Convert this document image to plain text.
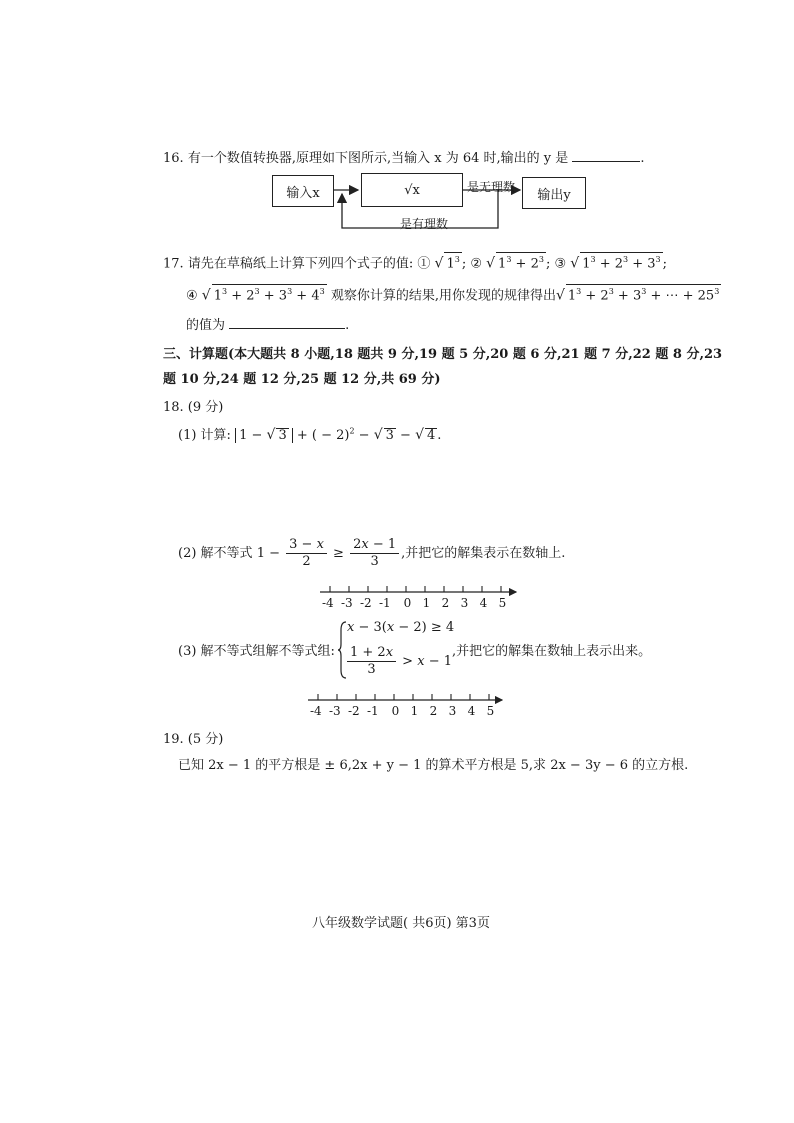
16. 有一个数值转换器,原理如下图所示,当输入 x 为 64 时,输出的 y 是	.
输入x	√x	是无理数
输出y
是有理数
17. 请先在草稿纸上计算下列四个式子的值: ① √ $1^3$ ; ② √ $1^3 + 2^3$ ; ③ √ $1^3 + 2^3 + 3^3$ ;
④ √ $1^3 + 2^3 + 3^3 + 4^3$ 观察你计算的结果,用你发现的规律得出√ $1^3 + 2^3 + 3^3$ + ⋯ + $25^3$
的值为	.
三、计算题(本大题共 8 小题,18 题共 9 分,19 题 5 分,20 题 6 分,21 题 7 分,22 题 8 分,23
题 10 分,24 题 12 分,25 题 12 分,共 69 分)
18. (9 分)
(1) 计算: 1 − √ 3 + ( − 2)$^2$ − √ 3 − √ 4 .
(2) 解不等式 $1 - \frac{3 - x}{2} \ge \frac{2x - 1}{3}$ ,并把它的解集表示在数轴上.
-4 -3 -2 -1 0 1 2 3 4 5
(3) 解不等式组解不等式组:
x − 3(x − 2) ≥ 4
$\frac{1 + 2x}{3} > x - 1$
,并把它的解集在数轴上表示出来。
-4 -3 -2 -1 0 1 2 3 4 5
19. (5 分)
已知 2x − 1 的平方根是 ± 6,2x + y − 1 的算术平方根是 5,求 2x − 3y − 6 的立方根.
八年级数学试题( 共6页) 第3页
